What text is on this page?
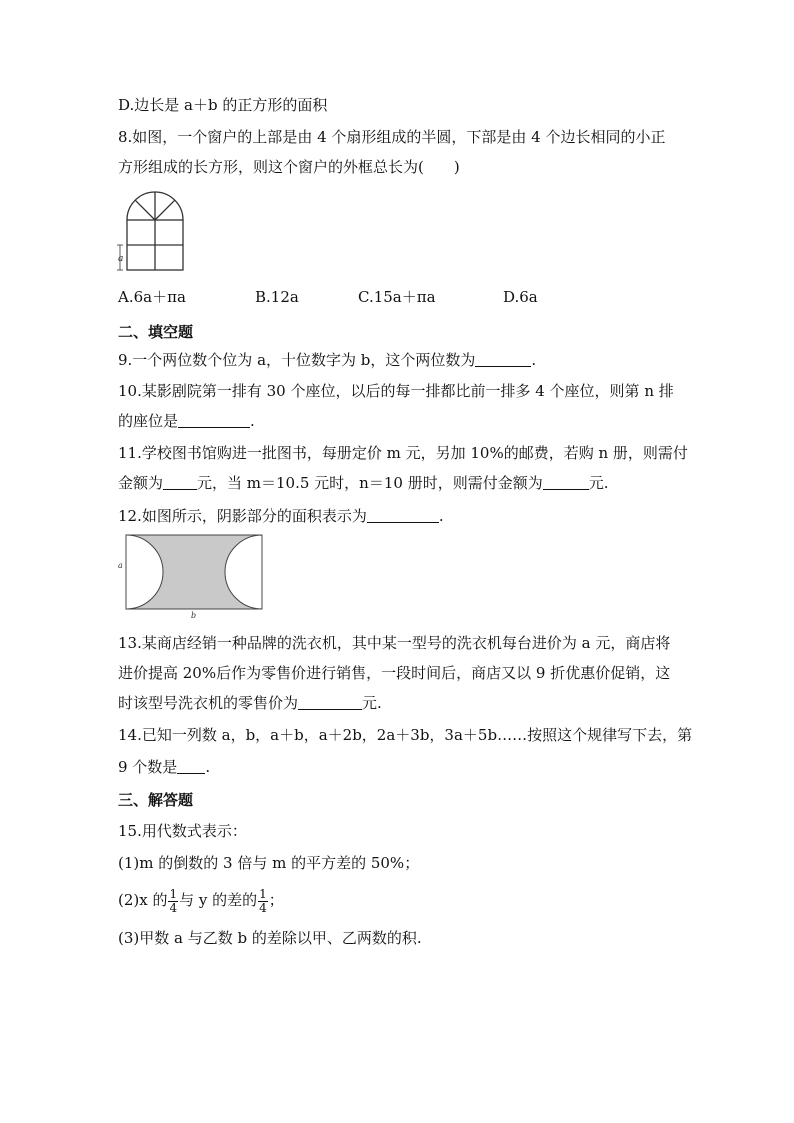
D.边长是 a＋b 的正方形的面积
8.如图，一个窗户的上部是由 4 个扇形组成的半圆，下部是由 4 个边长相同的小正
方形组成的长方形，则这个窗户的外框总长为(　　)
a
A.6a＋πa	B.12a	C.15a＋πa	D.6a
二、填空题
9.一个两位数个位为 a，十位数字为 b，这个两位数为	.
10.某影剧院第一排有 30 个座位，以后的每一排都比前一排多 4 个座位，则第 n 排
的座位是	.
11.学校图书馆购进一批图书，每册定价 m 元，另加 10%的邮费，若购 n 册，则需付
金额为 元，当 m＝10.5 元时，n＝10 册时，则需付金额为	元.
12.如图所示，阴影部分的面积表示为	.
a
b
13.某商店经销一种品牌的洗衣机，其中某一型号的洗衣机每台进价为 a 元，商店将
进价提高 20%后作为零售价进行销售，一段时间后，商店又以 9 折优惠价促销，这
时该型号洗衣机的零售价为	元.
14.已知一列数 a，b，a＋b，a＋2b，2a＋3b，3a＋5b……按照这个规律写下去，第
9 个数是 .
三、解答题
15.用代数式表示：
(1)m 的倒数的 3 倍与 m 的平方差的 50%；
(2)x 的 $\frac{1}{4}$ 与 y 的差的 $\frac{1}{4}$ ；
(3)甲数 a 与乙数 b 的差除以甲、乙两数的积.
